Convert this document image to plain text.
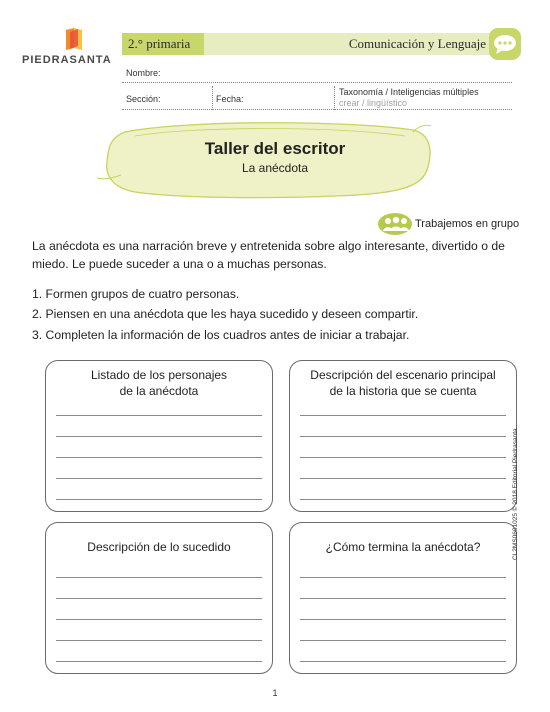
PIEDRASANTA
2.° primaria	Comunicación y Lenguaje
Nombre:
Sección:	Fecha:
Taxonomía / Inteligencias múltiples
crear / lingüístico
Taller del escritor
La anécdota
Trabajemos en grupo
La anécdota es una narración breve y entretenida sobre algo interesante, divertido o de miedo. Le puede suceder a una o a muchas personas.
1. Formen grupos de cuatro personas.
2. Piensen en una anécdota que les haya sucedido y deseen compartir.
3. Completen la información de los cuadros antes de iniciar a trabajar.
Listado de los personajes
de la anécdota
Descripción del escenario principal
de la historia que se cuenta
Descripción de lo sucedido	¿Cómo termina la anécdota?
1
CL2MS0601025 © 2018 Editorial Piedrasanta
